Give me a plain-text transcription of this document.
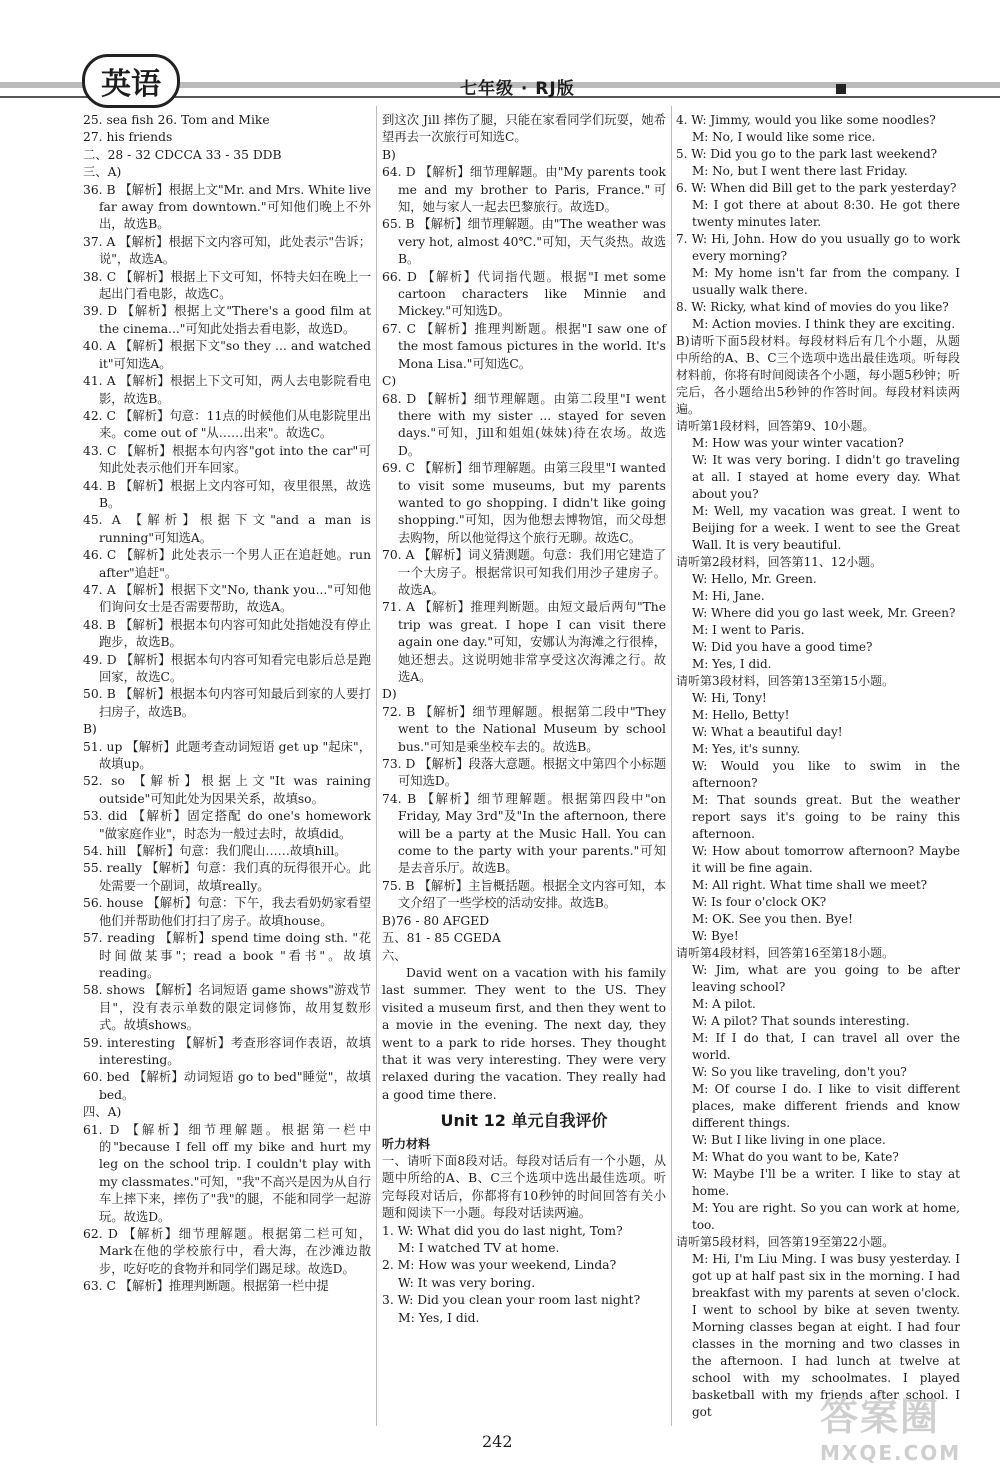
英语	七年级 · RJ版

25. sea fish 26. Tom and Mike

27. his friends

二、28 - 32 CDCCA 33 - 35 DDB

三、A)

36. B 【解析】根据上文"Mr. and Mrs. White live far away from downtown."可知他们晚上不外出，故选B。

37. A 【解析】根据下文内容可知，此处表示"告诉；说"，故选A。

38. C 【解析】根据上下文可知，怀特夫妇在晚上一起出门看电影，故选C。

39. D 【解析】根据上文"There's a good film at the cinema..."可知此处指去看电影，故选D。

40. A 【解析】根据下文"so they ... and watched it"可知选A。

41. A 【解析】根据上下文可知，两人去电影院看电影，故选B。

42. C 【解析】句意：11点的时候他们从电影院里出来。come out of "从……出来"。故选C。

43. C 【解析】根据本句内容"got into the car"可知此处表示他们开车回家。

44. B 【解析】根据上文内容可知，夜里很黑，故选B。

45. A 【解析】根据下文"and a man is running"可知选A。

46. C 【解析】此处表示一个男人正在追赶她。run after"追赶"。

47. A 【解析】根据下文"No, thank you..."可知他们询问女士是否需要帮助，故选A。

48. B 【解析】根据本句内容可知此处指她没有停止跑步，故选B。

49. D 【解析】根据本句内容可知看完电影后总是跑回家，故选C。

50. B 【解析】根据本句内容可知最后到家的人要打扫房子，故选B。

B)

51. up 【解析】此题考查动词短语 get up "起床"，故填up。

52. so 【解析】根据上文"It was raining outside"可知此处为因果关系，故填so。

53. did 【解析】固定搭配 do one's homework "做家庭作业"，时态为一般过去时，故填did。

54. hill 【解析】句意：我们爬山……故填hill。

55. really 【解析】句意：我们真的玩得很开心。此处需要一个副词，故填really。

56. house 【解析】句意：下午，我去看奶奶家看望他们并帮助他们打扫了房子。故填house。

57. reading 【解析】spend time doing sth. "花时间做某事"；read a book "看书"。故填reading。

58. shows 【解析】名词短语 game shows"游戏节目"，没有表示单数的限定词修饰，故用复数形式。故填shows。

59. interesting 【解析】考查形容词作表语，故填interesting。

60. bed 【解析】动词短语 go to bed"睡觉"，故填bed。

四、A)

61. D 【解析】细节理解题。根据第一栏中的"because I fell off my bike and hurt my leg on the school trip. I couldn't play with my classmates."可知，"我"不高兴是因为从自行车上摔下来，摔伤了"我"的腿，不能和同学一起游玩。故选D。

62. D 【解析】细节理解题。根据第二栏可知，Mark在他的学校旅行中，看大海，在沙滩边散步，吃好吃的食物并和同学们踢足球。故选D。

63. C 【解析】推理判断题。根据第一栏中提

到这次 Jill 摔伤了腿，只能在家看同学们玩耍，她希望再去一次旅行可知选C。

B)

64. D 【解析】细节理解题。由"My parents took me and my brother to Paris, France."可知，她与家人一起去巴黎旅行。故选D。

65. B 【解析】细节理解题。由"The weather was very hot, almost 40℃."可知，天气炎热。故选B。

66. D 【解析】代词指代题。根据"I met some cartoon characters like Minnie and Mickey."可知选D。

67. C 【解析】推理判断题。根据"I saw one of the most famous pictures in the world. It's Mona Lisa."可知选C。

C)

68. D 【解析】细节理解题。由第二段里"I went there with my sister ... stayed for seven days."可知，Jill和姐姐(妹妹)待在农场。故选D。

69. C 【解析】细节理解题。由第三段里"I wanted to visit some museums, but my parents wanted to go shopping. I didn't like going shopping."可知，因为他想去博物馆，而父母想去购物，所以他觉得这个旅行无聊。故选C。

70. A 【解析】词义猜测题。句意：我们用它建造了一个大房子。根据常识可知我们用沙子建房子。故选A。

71. A 【解析】推理判断题。由短文最后两句"The trip was great. I hope I can visit there again one day."可知，安娜认为海滩之行很棒，她还想去。这说明她非常享受这次海滩之行。故选A。

D)

72. B 【解析】细节理解题。根据第二段中"They went to the National Museum by school bus."可知是乘坐校车去的。故选B。

73. D 【解析】段落大意题。根据文中第四个小标题可知选D。

74. B 【解析】细节理解题。根据第四段中"on Friday, May 3rd"及"In the afternoon, there will be a party at the Music Hall. You can come to the party with your parents."可知是去音乐厅。故选B。

75. B 【解析】主旨概括题。根据全文内容可知，本文介绍了一些学校的活动安排。故选B。

B)76 - 80 AFGED

五、81 - 85 CGEDA

六、

David went on a vacation with his family last summer. They went to the US. They visited a museum first, and then they went to a movie in the evening. The next day, they went to a park to ride horses. They thought that it was very interesting. They were very relaxed during the vacation. They really had a good time there.

Unit 12 单元自我评价

听力材料

一、请听下面8段对话。每段对话后有一个小题，从题中所给的A、B、C三个选项中选出最佳选项。听完每段对话后，你都将有10秒钟的时间回答有关小题和阅读下一小题。每段对话读两遍。

1. W: What did you do last night, Tom?

M: I watched TV at home.

2. M: How was your weekend, Linda?

W: It was very boring.

3. W: Did you clean your room last night?

M: Yes, I did.

4. W: Jimmy, would you like some noodles?

M: No, I would like some rice.

5. W: Did you go to the park last weekend?

M: No, but I went there last Friday.

6. W: When did Bill get to the park yesterday?

M: I got there at about 8:30. He got there twenty minutes later.

7. W: Hi, John. How do you usually go to work every morning?

M: My home isn't far from the company. I usually walk there.

8. W: Ricky, what kind of movies do you like?

M: Action movies. I think they are exciting.

B)请听下面5段材料。每段材料后有几个小题，从题中所给的A、B、C三个选项中选出最佳选项。听每段材料前，你将有时间阅读各个小题，每小题5秒钟；听完后，各小题给出5秒钟的作答时间。每段材料读两遍。

请听第1段材料，回答第9、10小题。

M: How was your winter vacation?

W: It was very boring. I didn't go traveling at all. I stayed at home every day. What about you?

M: Well, my vacation was great. I went to Beijing for a week. I went to see the Great Wall. It is very beautiful.

请听第2段材料，回答第11、12小题。

W: Hello, Mr. Green.

M: Hi, Jane.

W: Where did you go last week, Mr. Green?

M: I went to Paris.

W: Did you have a good time?

M: Yes, I did.

请听第3段材料，回答第13至第15小题。

W: Hi, Tony!

M: Hello, Betty!

W: What a beautiful day!

M: Yes, it's sunny.

W: Would you like to swim in the afternoon?

M: That sounds great. But the weather report says it's going to be rainy this afternoon.

W: How about tomorrow afternoon? Maybe it will be fine again.

M: All right. What time shall we meet?

W: Is four o'clock OK?

M: OK. See you then. Bye!

W: Bye!

请听第4段材料，回答第16至第18小题。

W: Jim, what are you going to be after leaving school?

M: A pilot.

W: A pilot? That sounds interesting.

M: If I do that, I can travel all over the world.

W: So you like traveling, don't you?

M: Of course I do. I like to visit different places, make different friends and know different things.

W: But I like living in one place.

M: What do you want to be, Kate?

W: Maybe I'll be a writer. I like to stay at home.

M: You are right. So you can work at home, too.

请听第5段材料，回答第19至第22小题。

M: Hi, I'm Liu Ming. I was busy yesterday. I got up at half past six in the morning. I had breakfast with my parents at seven o'clock. I went to school by bike at seven twenty. Morning classes began at eight. I had four classes in the morning and two classes in the afternoon. I had lunch at twelve at school with my schoolmates. I played basketball with my friends after school. I got

242
答案圈
MXQE.COM
